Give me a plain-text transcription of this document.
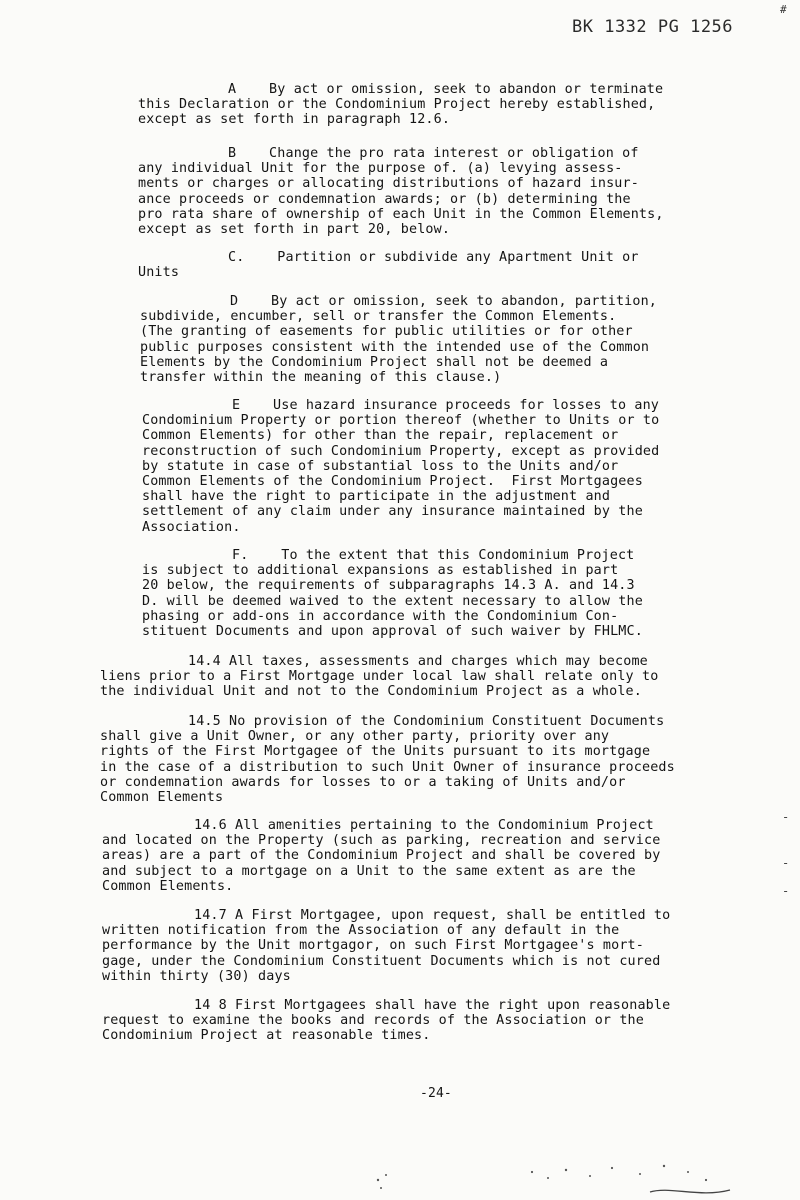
#
BK 1332 PG 1256
A    By act or omission, seek to abandon or terminate
this Declaration or the Condominium Project hereby established,
except as set forth in paragraph 12.6.
B    Change the pro rata interest or obligation of
any individual Unit for the purpose of. (a) levying assess-
ments or charges or allocating distributions of hazard insur-
ance proceeds or condemnation awards; or (b) determining the
pro rata share of ownership of each Unit in the Common Elements,
except as set forth in part 20, below.
C.    Partition or subdivide any Apartment Unit or
Units
D    By act or omission, seek to abandon, partition,
subdivide, encumber, sell or transfer the Common Elements.
(The granting of easements for public utilities or for other
public purposes consistent with the intended use of the Common
Elements by the Condominium Project shall not be deemed a
transfer within the meaning of this clause.)
E    Use hazard insurance proceeds for losses to any
Condominium Property or portion thereof (whether to Units or to
Common Elements) for other than the repair, replacement or
reconstruction of such Condominium Property, except as provided
by statute in case of substantial loss to the Units and/or
Common Elements of the Condominium Project.  First Mortgagees
shall have the right to participate in the adjustment and
settlement of any claim under any insurance maintained by the
Association.
F.    To the extent that this Condominium Project
is subject to additional expansions as established in part
20 below, the requirements of subparagraphs 14.3 A. and 14.3
D. will be deemed waived to the extent necessary to allow the
phasing or add-ons in accordance with the Condominium Con-
stituent Documents and upon approval of such waiver by FHLMC.
14.4 All taxes, assessments and charges which may become
liens prior to a First Mortgage under local law shall relate only to
the individual Unit and not to the Condominium Project as a whole.
14.5 No provision of the Condominium Constituent Documents
shall give a Unit Owner, or any other party, priority over any
rights of the First Mortgagee of the Units pursuant to its mortgage
in the case of a distribution to such Unit Owner of insurance proceeds
or condemnation awards for losses to or a taking of Units and/or
Common Elements
14.6 All amenities pertaining to the Condominium Project
and located on the Property (such as parking, recreation and service
areas) are a part of the Condominium Project and shall be covered by
and subject to a mortgage on a Unit to the same extent as are the
Common Elements.
14.7 A First Mortgagee, upon request, shall be entitled to
written notification from the Association of any default in the
performance by the Unit mortgagor, on such First Mortgagee's mort-
gage, under the Condominium Constituent Documents which is not cured
within thirty (30) days
14 8 First Mortgagees shall have the right upon reasonable
request to examine the books and records of the Association or the
Condominium Project at reasonable times.
-24-
-
-
-
